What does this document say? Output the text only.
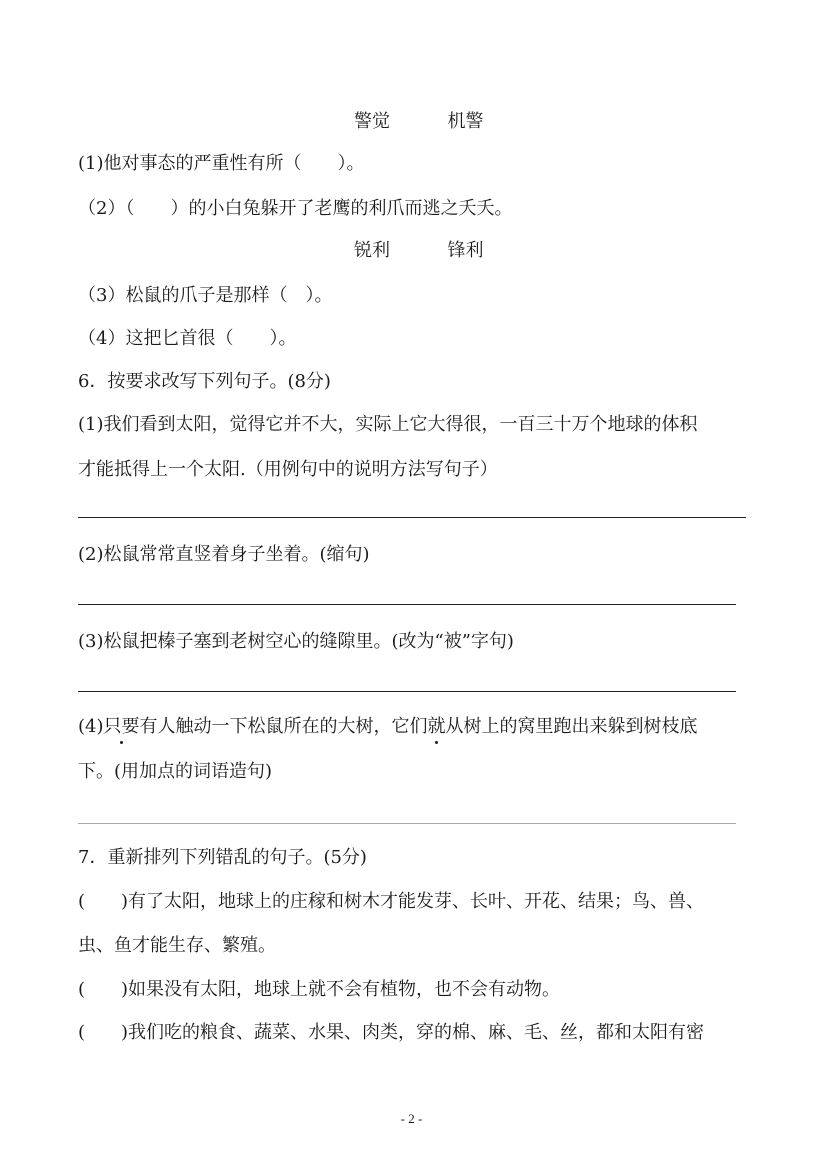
警觉	机警
(1)他对事态的严重性有所（　　）。
（2）（　　）的小白兔躲开了老鹰的利爪而逃之夭夭。
锐利	锋利
（3）松鼠的爪子是那样（　）。
（4）这把匕首很（　　）。
6．按要求改写下列句子。(8分)
(1)我们看到太阳，觉得它并不大，实际上它大得很，一百三十万个地球的体积
才能抵得上一个太阳.（用例句中的说明方法写句子）
(2)松鼠常常直竖着身子坐着。(缩句)
(3)松鼠把榛子塞到老树空心的缝隙里。(改为“被”字句)
(4)只要有人触动一下松鼠所在的大树，它们就从树上的窝里跑出来躲到树枝底
下。(用加点的词语造句)
7．重新排列下列错乱的句子。(5分)
(　　)有了太阳，地球上的庄稼和树木才能发芽、长叶、开花、结果；鸟、兽、
虫、鱼才能生存、繁殖。
(　　)如果没有太阳，地球上就不会有植物，也不会有动物。
(　　)我们吃的粮食、蔬菜、水果、肉类，穿的棉、麻、毛、丝，都和太阳有密
- 2 -
